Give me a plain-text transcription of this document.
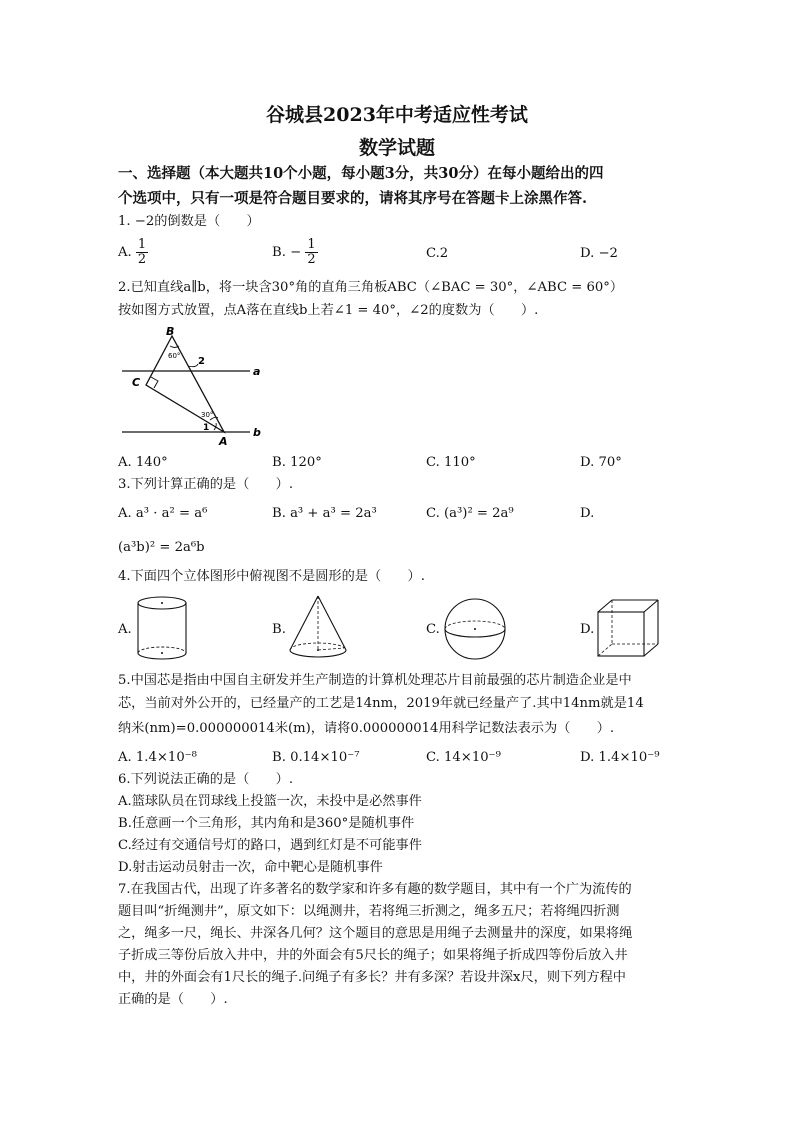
谷城县2023年中考适应性考试
数学试题
一、选择题（本大题共10个小题，每小题3分，共30分）在每小题给出的四
个选项中，只有一项是符合题目要求的，请将其序号在答题卡上涂黑作答.
1. −2的倒数是（　　）
A. $\frac{1}{2}$	B. − $\frac{1}{2}$	C.2	D. −2
2.已知直线a∥b，将一块含30°角的直角三角板ABC（∠BAC = 30°，∠ABC = 60°）
按如图方式放置，点A落在直线b上若∠1 = 40°，∠2的度数为（　　）.
B
C
A
a
b
60°
30°
1
2
A. 140°	B. 120°	C. 110°	D. 70°
3.下列计算正确的是（　　）.
A. a³ · a² = a⁶	B. a³ + a³ = 2a³	C. (a³)² = 2a⁹	D.
(a³b)² = 2a⁶b
4.下面四个立体图形中俯视图不是圆形的是（　　）.
A.	B.	C.	D.
5.中国芯是指由中国自主研发并生产制造的计算机处理芯片目前最强的芯片制造企业是中
芯，当前对外公开的，已经量产的工艺是14nm，2019年就已经量产了.其中14nm就是14
纳米(nm)=0.000000014米(m)，请将0.000000014用科学记数法表示为（　　）.
A. 1.4×10⁻⁸	B. 0.14×10⁻⁷	C. 14×10⁻⁹	D. 1.4×10⁻⁹
6.下列说法正确的是（　　）.
A.篮球队员在罚球线上投篮一次，未投中是必然事件
B.任意画一个三角形，其内角和是360°是随机事件
C.经过有交通信号灯的路口，遇到红灯是不可能事件
D.射击运动员射击一次，命中靶心是随机事件
7.在我国古代，出现了许多著名的数学家和许多有趣的数学题目，其中有一个广为流传的
题目叫“折绳测井”，原文如下：以绳测井，若将绳三折测之，绳多五尺；若将绳四折测
之，绳多一尺，绳长、井深各几何？这个题目的意思是用绳子去测量井的深度，如果将绳
子折成三等份后放入井中，井的外面会有5尺长的绳子；如果将绳子折成四等份后放入井
中，井的外面会有1尺长的绳子.问绳子有多长？井有多深？若设井深x尺，则下列方程中
正确的是（　　）.
